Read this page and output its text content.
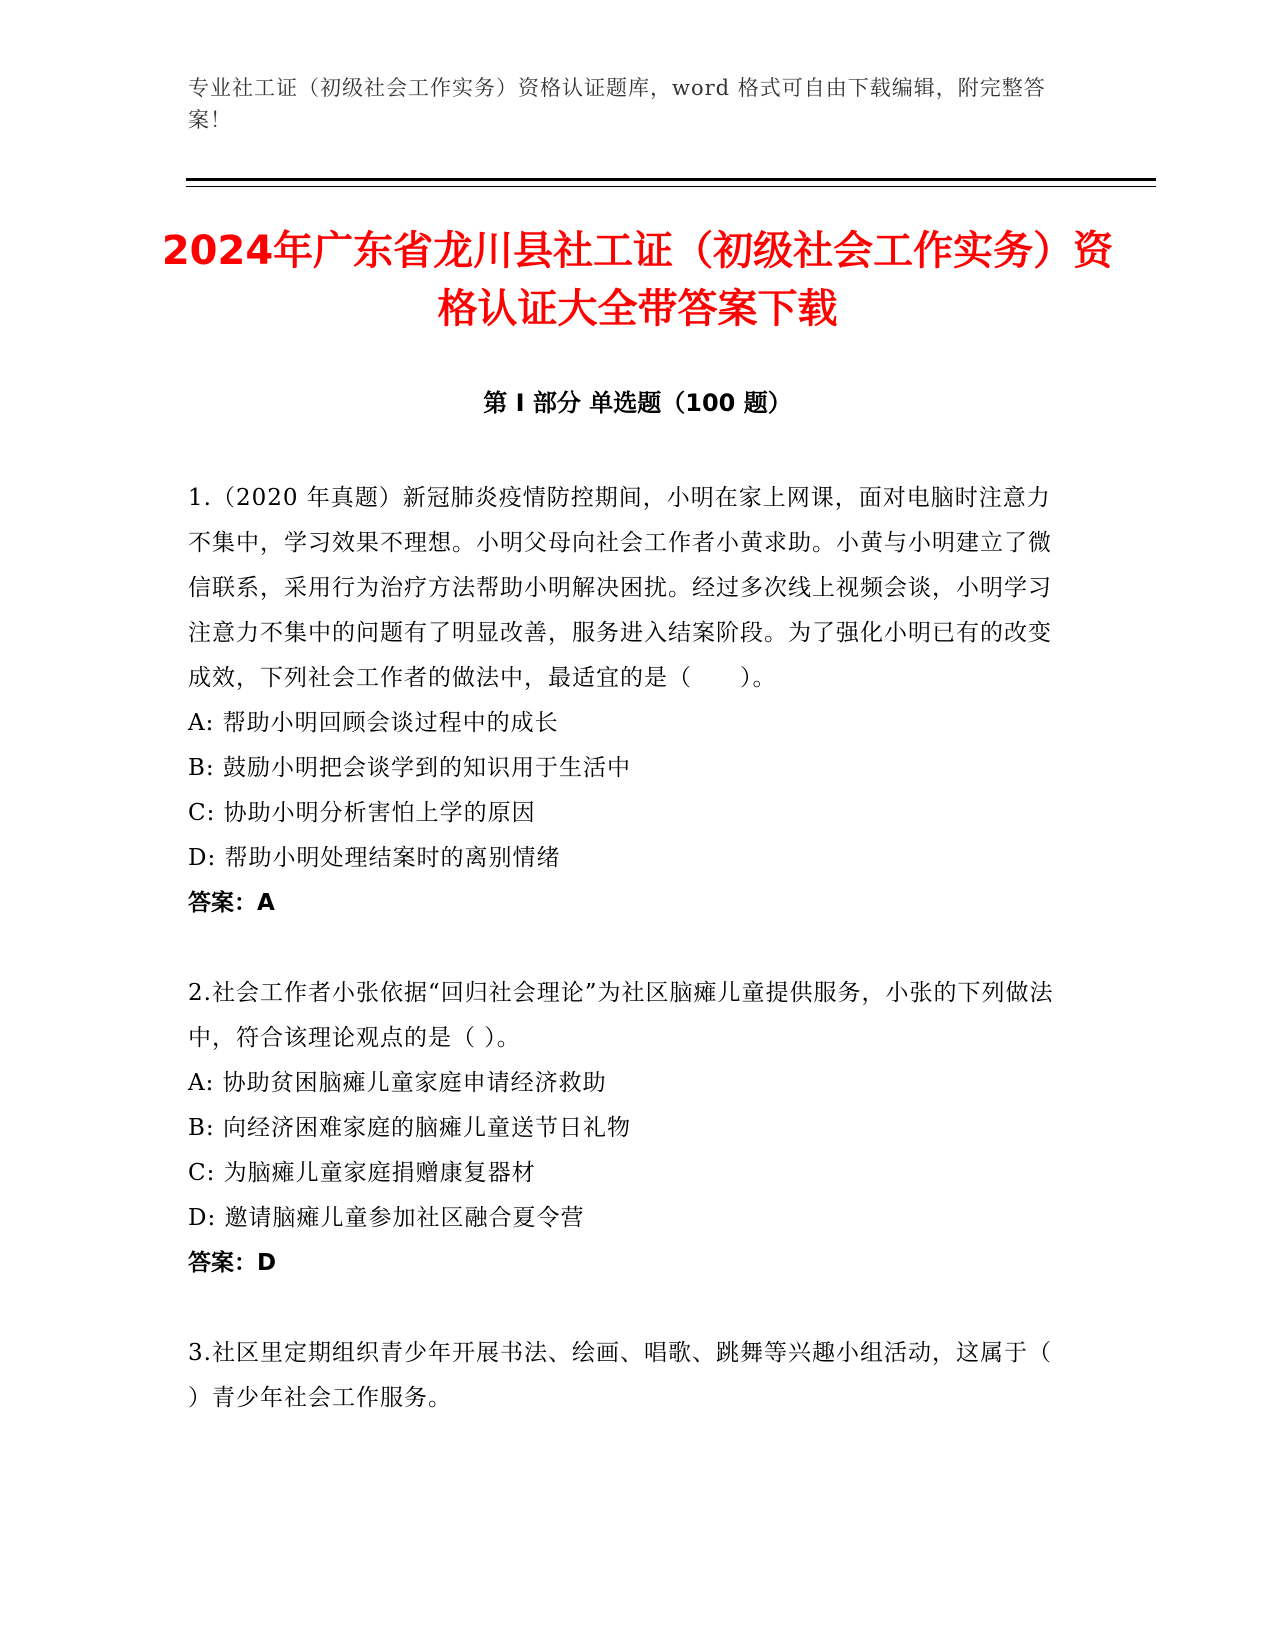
专业社工证（初级社会工作实务）资格认证题库，word 格式可自由下载编辑，附完整答案！
2024年广东省龙川县社工证（初级社会工作实务）资格认证大全带答案下载
第 I 部分 单选题（100 题）

1.（2020 年真题）新冠肺炎疫情防控期间，小明在家上网课，面对电脑时注意力不集中，学习效果不理想。小明父母向社会工作者小黄求助。小黄与小明建立了微信联系，采用行为治疗方法帮助小明解决困扰。经过多次线上视频会谈，小明学习注意力不集中的问题有了明显改善，服务进入结案阶段。为了强化小明已有的改变成效，下列社会工作者的做法中，最适宜的是（　　）。

A: 帮助小明回顾会谈过程中的成长

B: 鼓励小明把会谈学到的知识用于生活中

C: 协助小明分析害怕上学的原因

D: 帮助小明处理结案时的离别情绪

答案：A

2.社会工作者小张依据“回归社会理论”为社区脑瘫儿童提供服务，小张的下列做法中，符合该理论观点的是（ ）。

A: 协助贫困脑瘫儿童家庭申请经济救助

B: 向经济困难家庭的脑瘫儿童送节日礼物

C: 为脑瘫儿童家庭捐赠康复器材

D: 邀请脑瘫儿童参加社区融合夏令营

答案：D

3.社区里定期组织青少年开展书法、绘画、唱歌、跳舞等兴趣小组活动，这属于（ ）青少年社会工作服务。
